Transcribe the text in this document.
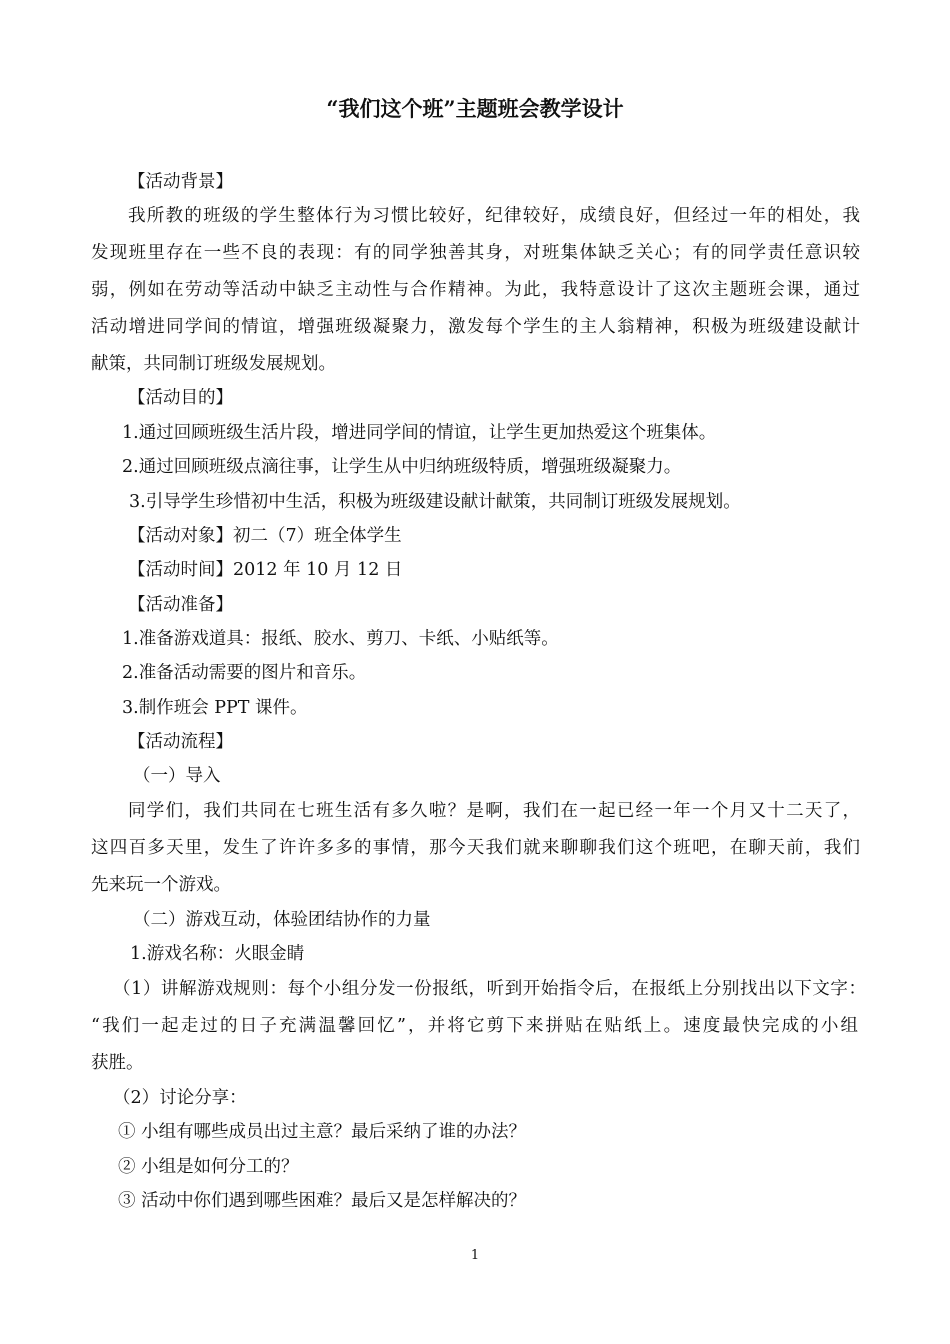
“我们这个班”主题班会教学设计
【活动背景】
我所教的班级的学生整体行为习惯比较好，纪律较好，成绩良好，但经过一年的相处，我
发现班里存在一些不良的表现：有的同学独善其身，对班集体缺乏关心；有的同学责任意识较
弱，例如在劳动等活动中缺乏主动性与合作精神。为此，我特意设计了这次主题班会课，通过
活动增进同学间的情谊，增强班级凝聚力，激发每个学生的主人翁精神，积极为班级建设献计
献策，共同制订班级发展规划。
【活动目的】
1.通过回顾班级生活片段，增进同学间的情谊，让学生更加热爱这个班集体。
2.通过回顾班级点滴往事，让学生从中归纳班级特质，增强班级凝聚力。
3.引导学生珍惜初中生活，积极为班级建设献计献策，共同制订班级发展规划。
【活动对象】初二（7）班全体学生
【活动时间】2012 年 10 月 12 日
【活动准备】
1.准备游戏道具：报纸、胶水、剪刀、卡纸、小贴纸等。
2.准备活动需要的图片和音乐。
3.制作班会 PPT 课件。
【活动流程】
（一）导入
同学们，我们共同在七班生活有多久啦？是啊，我们在一起已经一年一个月又十二天了，
这四百多天里，发生了许许多多的事情，那今天我们就来聊聊我们这个班吧，在聊天前，我们
先来玩一个游戏。
（二）游戏互动，体验团结协作的力量
1.游戏名称：火眼金睛
（1）讲解游戏规则：每个小组分发一份报纸，听到开始指令后，在报纸上分别找出以下文字：
“我们一起走过的日子充满温馨回忆”，并将它剪下来拼贴在贴纸上。速度最快完成的小组
获胜。
（2）讨论分享：
① 小组有哪些成员出过主意？最后采纳了谁的办法？
② 小组是如何分工的？
③ 活动中你们遇到哪些困难？最后又是怎样解决的？
1
